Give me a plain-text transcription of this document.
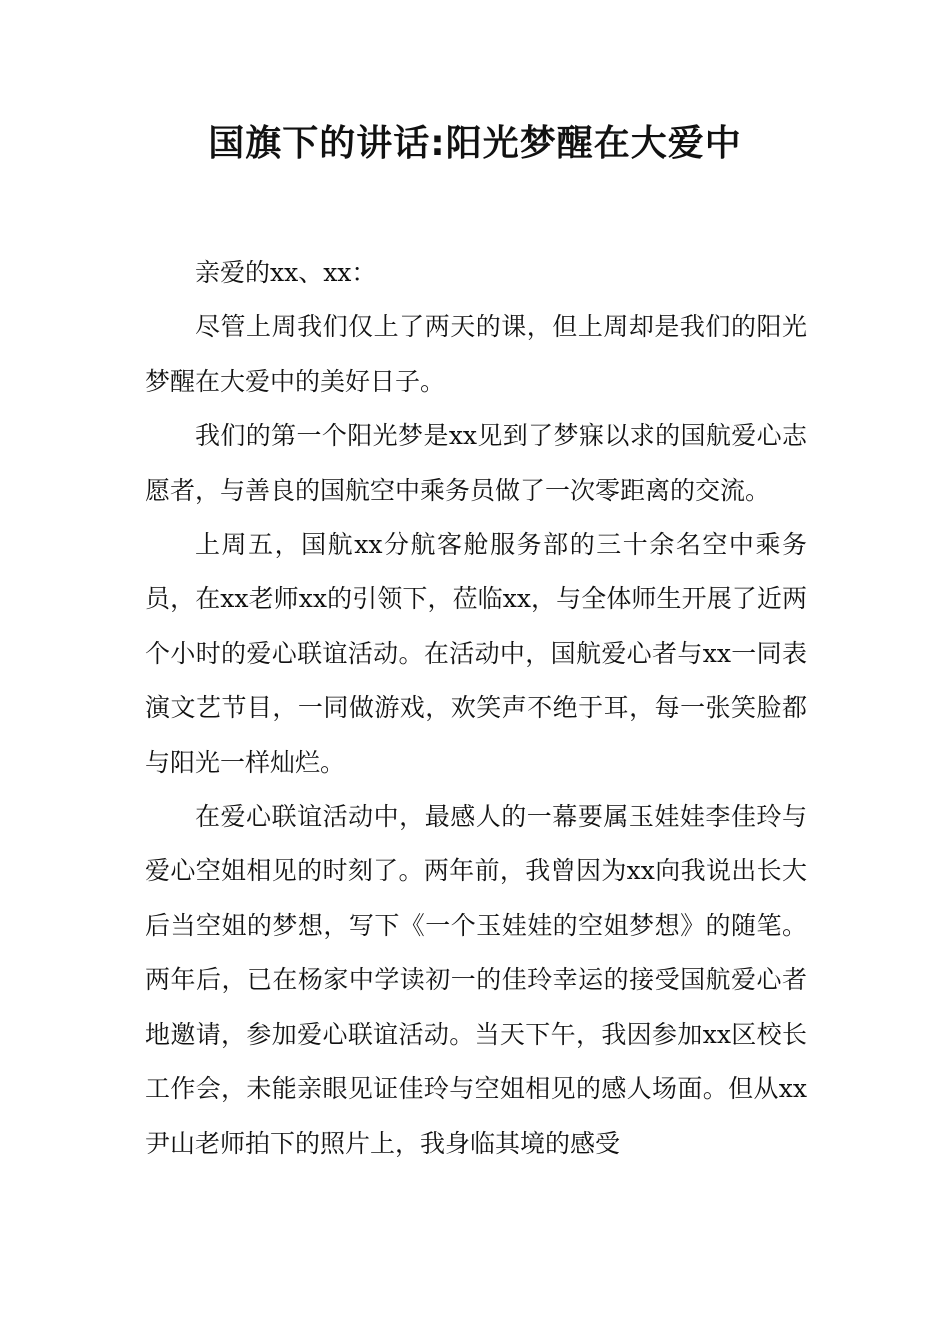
国旗下的讲话:阳光梦醒在大爱中

亲爱的xx、xx：

尽管上周我们仅上了两天的课，但上周却是我们的阳光梦醒在大爱中的美好日子。

我们的第一个阳光梦是xx见到了梦寐以求的国航爱心志愿者，与善良的国航空中乘务员做了一次零距离的交流。

上周五，国航xx分航客舱服务部的三十余名空中乘务员，在xx老师xx的引领下，莅临xx，与全体师生开展了近两个小时的爱心联谊活动。在活动中，国航爱心者与xx一同表演文艺节目，一同做游戏，欢笑声不绝于耳，每一张笑脸都与阳光一样灿烂。

在爱心联谊活动中，最感人的一幕要属玉娃娃李佳玲与爱心空姐相见的时刻了。两年前，我曾因为xx向我说出长大后当空姐的梦想，写下《一个玉娃娃的空姐梦想》的随笔。两年后，已在杨家中学读初一的佳玲幸运的接受国航爱心者地邀请，参加爱心联谊活动。当天下午，我因参加xx区校长工作会，未能亲眼见证佳玲与空姐相见的感人场面。但从xx尹山老师拍下的照片上，我身临其境的感受
